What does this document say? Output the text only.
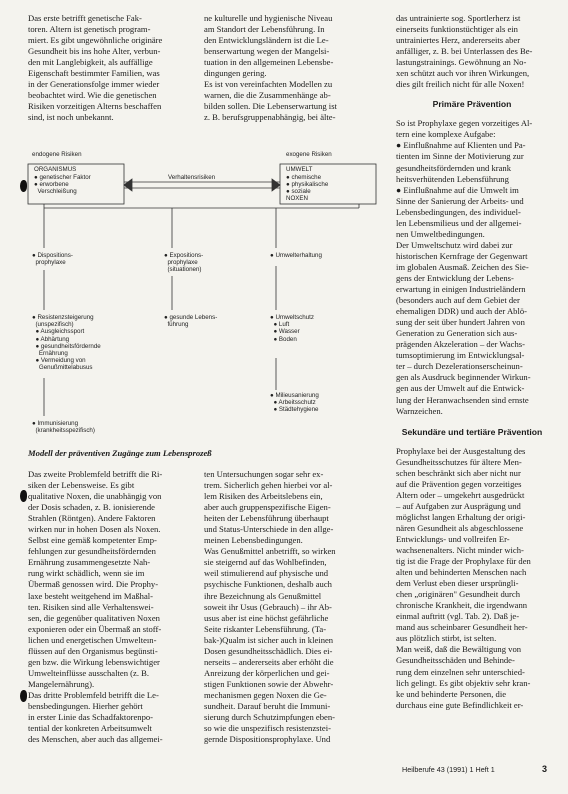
Das erste betrifft genetische Fak-
toren. Altern ist genetisch program-
miert. Es gibt ungewöhnliche originäre
Gesundheit bis ins hohe Alter, verbun-
den mit Langlebigkeit, als auffällige
Eigenschaft bestimmter Familien, was
in der Generationsfolge immer wieder
beobachtet wird. Wie die genetischen
Risiken vorzeitigen Alterns beschaffen
sind, ist noch unbekannt.
ne kulturelle und hygienische Niveau
am Standort der Lebensführung. In
den Entwicklungsländern ist die Le-
benserwartung wegen der Mangelsi-
tuation in den allgemeinen Lebensbe-
dingungen gering.
Es ist von vereinfachten Modellen zu
warnen, die die Zusammenhänge ab-
bilden sollen. Die Lebenserwartung ist
z. B. berufsgruppenabhängig, bei älte-
das untrainierte sog. Sportlerherz ist
einerseits funktionstüchtiger als ein
untrainiertes Herz, andererseits aber
anfälliger, z. B. bei Unterlassen des Be-
lastungstrainings. Gewöhnung an No-
xen schützt auch vor ihren Wirkungen,
dies gilt freilich nicht für alle Noxen!
Primäre Prävention
So ist Prophylaxe gegen vorzeitiges Al-
tern eine komplexe Aufgabe:
● Einflußnahme auf Klienten und Pa-
tienten im Sinne der Motivierung zur
gesundheitsfördernden und krank
heitsverhütenden Lebensführung
● Einflußnahme auf die Umwelt im
Sinne der Sanierung der Arbeits- und
Lebensbedingungen, des individuel-
len Lebensmilieus und der allgemei-
nen Umweltbedingungen.
Der Umweltschutz wird dabei zur
historischen Kernfrage der Gegenwart
im globalen Ausmaß. Zeichen des Sie-
gens der Entwicklung der Lebens-
erwartung in einigen Industrieländern
(besonders auch auf dem Gebiet der
ehemaligen DDR) und auch der Ablö-
sung der seit über hundert Jahren von
Generation zu Generation sich aus-
prägenden Akzeleration – der Wachs-
tumsoptimierung im Entwicklungsal-
ter – durch Dezelerationserscheinun-
gen als Ausdruck beginnender Wirkun-
gen aus der Umwelt auf die Entwick-
lung der Heranwachsenden sind ernste
Warnzeichen.
Sekundäre und tertiäre Prävention
Prophylaxe bei der Ausgestaltung des
Gesundheitsschutzes für ältere Men-
schen beschränkt sich aber nicht nur
auf die Prävention gegen vorzeitiges
Altern oder – umgekehrt ausgedrückt
– auf Aufgaben zur Ausprägung und
möglichst langen Erhaltung der origi-
nären Gesundheit als abgeschlossene
Entwicklungs- und vollreifen Er-
wachsenenalters. Nicht minder wich-
tig ist die Frage der Prophylaxe für den
alten und behinderten Menschen nach
dem Verlust eben dieser ursprüngli-
chen „originären" Gesundheit durch
chronische Krankheit, die irgendwann
einmal auftritt (vgl. Tab. 2). Daß je-
mand aus scheinbarer Gesundheit her-
aus plötzlich stirbt, ist selten.
Man weiß, daß die Bewältigung von
Gesundheitsschäden und Behinde-
rung dem einzelnen sehr unterschied-
lich gelingt. Es gibt objektiv sehr kran-
ke und behinderte Personen, die
durchaus eine gute Befindlichkeit er-
endogene Risiken	exogene Risiken
ORGANISMUS
● genetischer Faktor
● erworbene
Verschleißung
Verhaltensrisiken
UMWELT
● chemische
● physikalische
● soziale
NOXEN
● Dispositions-
prophylaxe
● Expositions-
prophylaxe
(situationen)
● Umwelterhaltung
● Resistenzsteigerung
(unspezifisch)
● Ausgleichssport
● Abhärtung
● gesundheitsfördernde
Ernährung
● Vermeidung von
Genußmittelabusus
● gesunde Lebens-
führung
● Umweltschutz
● Luft
● Wasser
● Boden
● Immunisierung
(krankheitsspezifisch)
● Milieusanierung
● Arbeitsschutz
● Städtehygiene
Modell der präventiven Zugänge zum Lebensprozeß
Das zweite Problemfeld betrifft die Ri-
siken der Lebensweise. Es gibt
qualitative Noxen, die unabhängig von
der Dosis schaden, z. B. ionisierende
Strahlen (Röntgen). Andere Faktoren
wirken nur in hohen Dosen als Noxen.
Selbst eine gemäß kompetenter Emp-
fehlungen zur gesundheitsfördernden
Ernährung zusammengesetzte Nah-
rung wirkt schädlich, wenn sie im
Übermaß genossen wird. Die Prophy-
laxe besteht weitgehend im Maßhal-
ten. Risiken sind alle Verhaltenswei-
sen, die gegenüber qualitativen Noxen
exponieren oder ein Übermaß an stoff-
lichen und energetischen Umwelteın-
flüssen auf den Organismus begünsti-
gen bzw. die Wirkung lebenswichtiger
Umwelteinflüsse ausschalten (z. B.
Mangelernährung).
Das dritte Problemfeld betrifft die Le-
bensbedingungen. Hierher gehört
in erster Linie das Schadfaktorenpo-
tential der konkreten Arbeitsumwelt
des Menschen, aber auch das allgemei-
ten Untersuchungen sogar sehr ex-
trem. Sicherlich gehen hierbei vor al-
lem Risiken des Arbeitslebens ein,
aber auch gruppenspezifische Eigen-
heiten der Lebensführung überhaupt
und Status-Unterschiede in den allge-
meinen Lebensbedingungen.
Was Genußmittel anbetrifft, so wirken
sie steigernd auf das Wohlbefinden,
weil stimulierend auf physische und
psychische Funktionen, deshalb auch
ihre Bezeichnung als Genußmittel
soweit ihr Usus (Gebrauch) – ihr Ab-
usus aber ist eine höchst gefährliche
Seite riskanter Lebensführung. (Ta-
bak-)Qualm ist sicher auch in kleinen
Dosen gesundheitsschädlich. Dies ei-
nerseits – andererseits aber erhöht die
Anreizung der körperlichen und gei-
stigen Funktionen sowie der Abwehr-
mechanismen gegen Noxen die Ge-
sundheit. Darauf beruht die Immuni-
sierung durch Schutzimpfungen eben-
so wie die unspezifisch resistenzstei-
gernde Dispositionsprophylaxe. Und
Heilberufe 43 (1991) 1 Heft 1	3
